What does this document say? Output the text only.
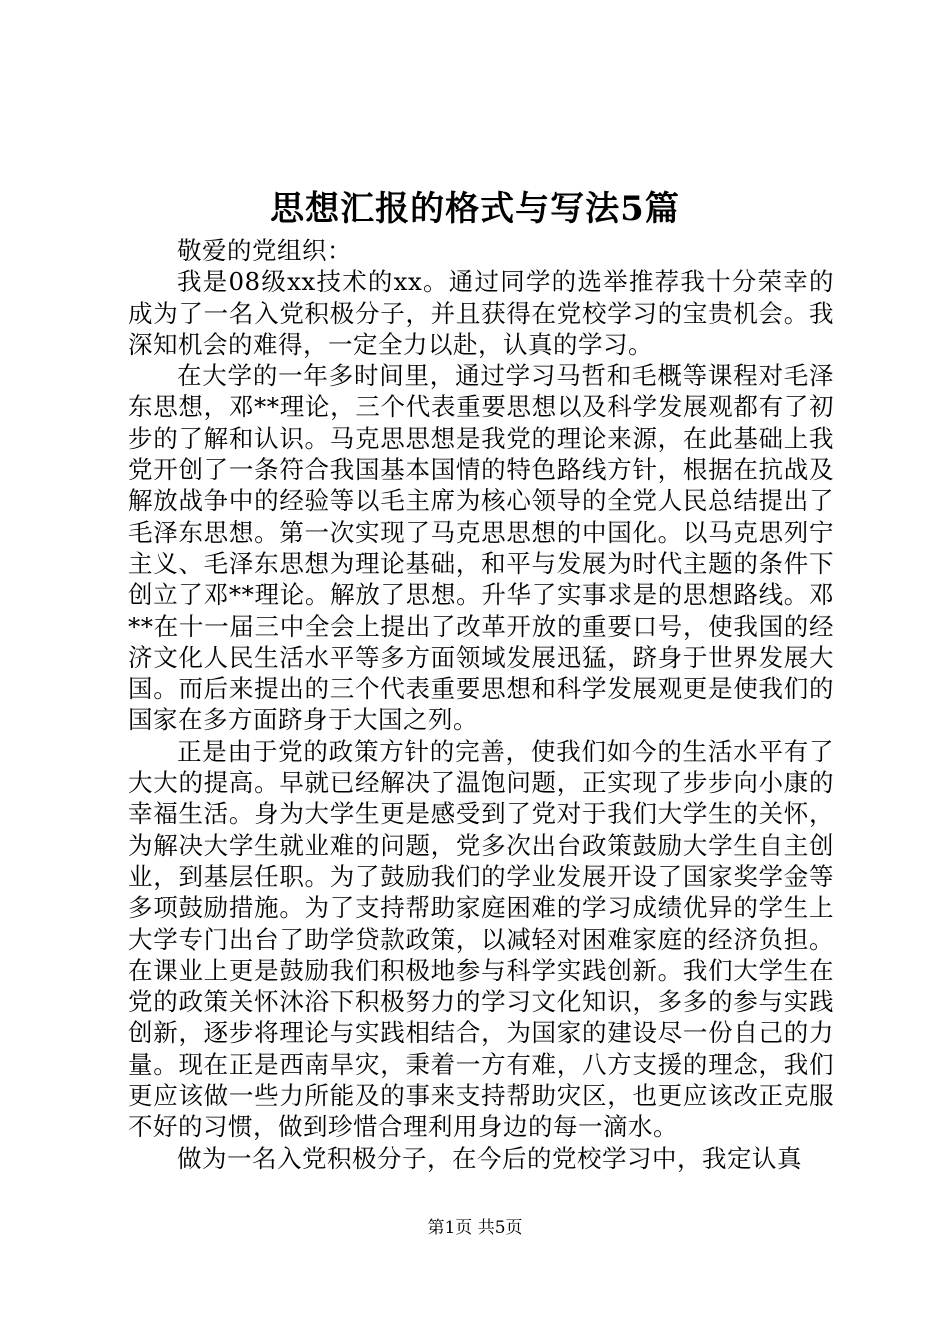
思想汇报的格式与写法5篇

敬爱的党组织：

我是08级xx技术的xx。通过同学的选举推荐我十分荣幸的成为了一名入党积极分子，并且获得在党校学习的宝贵机会。我深知机会的难得，一定全力以赴，认真的学习。

在大学的一年多时间里，通过学习马哲和毛概等课程对毛泽东思想，邓**理论，三个代表重要思想以及科学发展观都有了初步的了解和认识。马克思思想是我党的理论来源，在此基础上我党开创了一条符合我国基本国情的特色路线方针，根据在抗战及解放战争中的经验等以毛主席为核心领导的全党人民总结提出了毛泽东思想。第一次实现了马克思思想的中国化。以马克思列宁主义、毛泽东思想为理论基础，和平与发展为时代主题的条件下创立了邓**理论。解放了思想。升华了实事求是的思想路线。邓**在十一届三中全会上提出了改革开放的重要口号，使我国的经济文化人民生活水平等多方面领域发展迅猛，跻身于世界发展大国。而后来提出的三个代表重要思想和科学发展观更是使我们的国家在多方面跻身于大国之列。

正是由于党的政策方针的完善，使我们如今的生活水平有了大大的提高。早就已经解决了温饱问题，正实现了步步向小康的幸福生活。身为大学生更是感受到了党对于我们大学生的关怀，为解决大学生就业难的问题，党多次出台政策鼓励大学生自主创业，到基层任职。为了鼓励我们的学业发展开设了国家奖学金等多项鼓励措施。为了支持帮助家庭困难的学习成绩优异的学生上大学专门出台了助学贷款政策，以减轻对困难家庭的经济负担。在课业上更是鼓励我们积极地参与科学实践创新。我们大学生在党的政策关怀沐浴下积极努力的学习文化知识，多多的参与实践创新，逐步将理论与实践相结合，为国家的建设尽一份自己的力量。现在正是西南旱灾，秉着一方有难，八方支援的理念，我们更应该做一些力所能及的事来支持帮助灾区，也更应该改正克服不好的习惯，做到珍惜合理利用身边的每一滴水。

做为一名入党积极分子，在今后的党校学习中，我定认真

第1页 共5页
